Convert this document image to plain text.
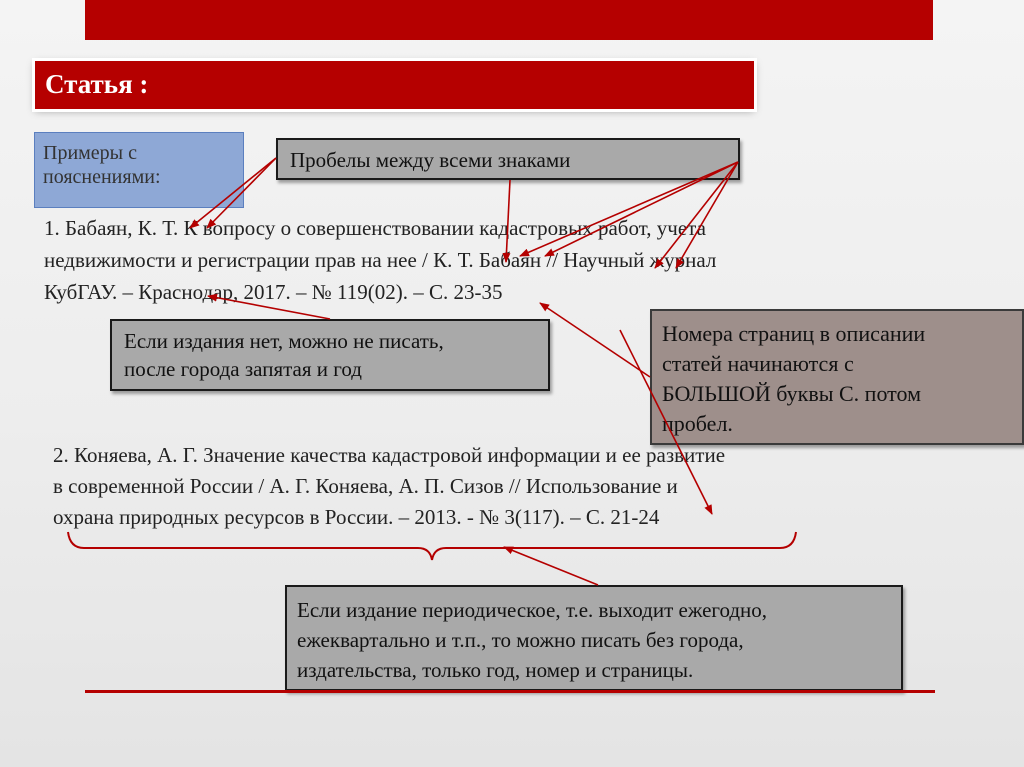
Статья :
Примеры с
пояснениями:
Пробелы между всеми знаками
1. Бабаян, К. Т. К вопросу о совершенствовании кадастровых работ, учета
недвижимости и регистрации прав на нее / К. Т. Бабаян // Научный журнал
КубГАУ. – Краснодар, 2017. – № 119(02). – С. 23-35
Если издания нет, можно не писать,
после города запятая и год
Номера страниц в описании
статей начинаются с
БОЛЬШОЙ буквы С. потом
пробел.
2. Коняева, А. Г. Значение качества кадастровой информации и ее развитие
в современной России / А. Г. Коняева, А. П. Сизов // Использование и
охрана природных ресурсов в России. – 2013. - № 3(117). – С. 21-24
Если издание периодическое, т.е. выходит ежегодно,
ежеквартально и т.п., то можно писать без города,
издательства, только год, номер и страницы.
